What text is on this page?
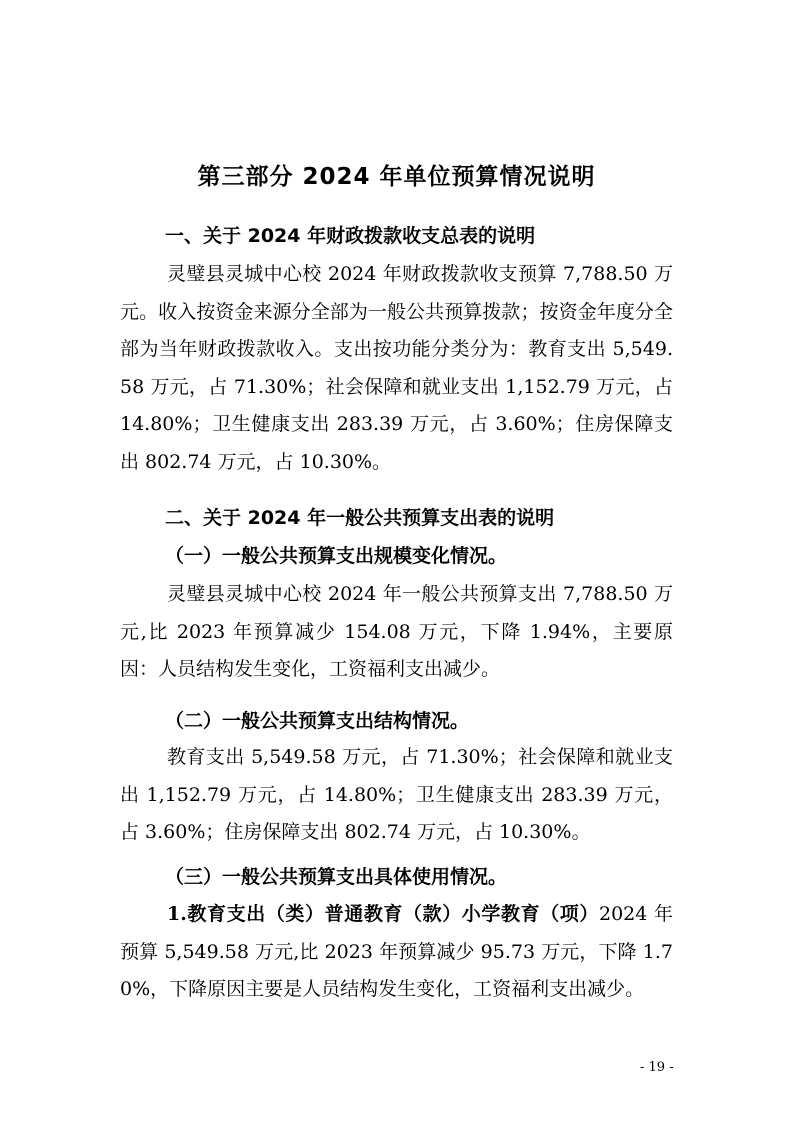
第三部分 2024 年单位预算情况说明
一、关于 2024 年财政拨款收支总表的说明
灵璧县灵城中心校 2024 年财政拨款收支预算 7,788.50 万元。收入按资金来源分全部为一般公共预算拨款；按资金年度分全部为当年财政拨款收入。支出按功能分类分为：教育支出 5,549.58 万元，占 71.30%；社会保障和就业支出 1,152.79 万元，占 14.80%；卫生健康支出 283.39 万元，占 3.60%；住房保障支出 802.74 万元，占 10.30%。
二、关于 2024 年一般公共预算支出表的说明
（一）一般公共预算支出规模变化情况。
灵璧县灵城中心校 2024 年一般公共预算支出 7,788.50 万元,比 2023 年预算减少 154.08 万元，下降 1.94%，主要原因：人员结构发生变化，工资福利支出减少。
（二）一般公共预算支出结构情况。
教育支出 5,549.58 万元，占 71.30%；社会保障和就业支出 1,152.79 万元，占 14.80%；卫生健康支出 283.39 万元，占 3.60%；住房保障支出 802.74 万元，占 10.30%。
（三）一般公共预算支出具体使用情况。
1.教育支出（类）普通教育（款）小学教育（项）2024 年预算 5,549.58 万元,比 2023 年预算减少 95.73 万元，下降 1.70%，下降原因主要是人员结构发生变化，工资福利支出减少。
- 19 -
